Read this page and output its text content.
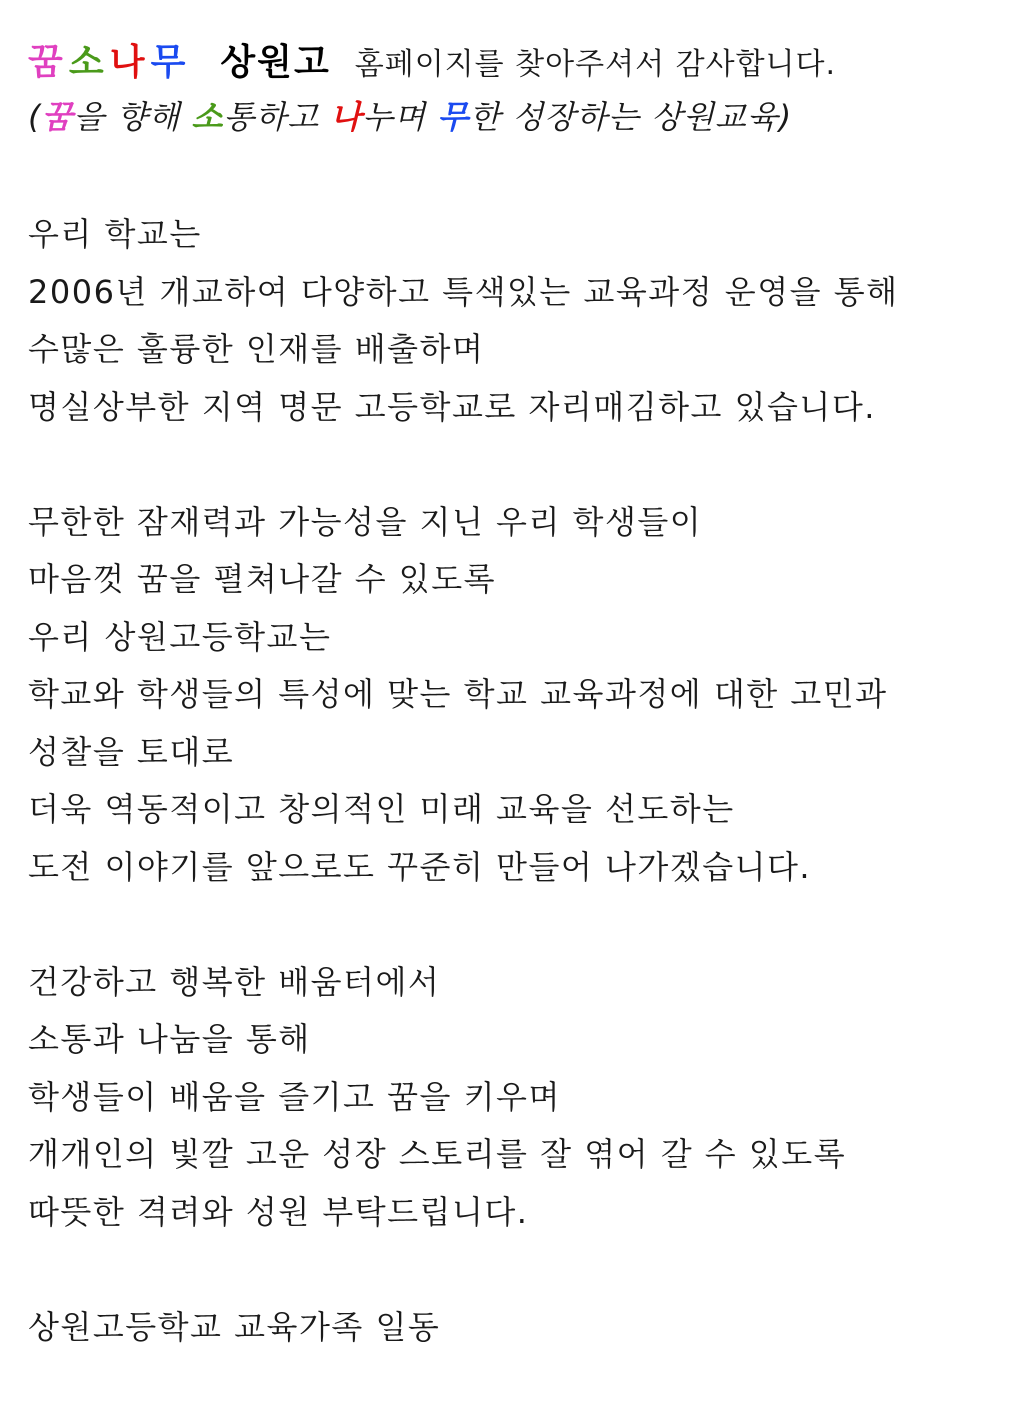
꿈 소 나 무 상원고 홈페이지를 찾아주셔서 감사합니다.
(꿈을 향해 소통하고 나누며 무한 성장하는 상원교육)
우리 학교는
2006년 개교하여 다양하고 특색있는 교육과정 운영을 통해
수많은 훌륭한 인재를 배출하며
명실상부한 지역 명문 고등학교로 자리매김하고 있습니다.
무한한 잠재력과 가능성을 지닌 우리 학생들이
마음껏 꿈을 펼쳐나갈 수 있도록
우리 상원고등학교는
학교와 학생들의 특성에 맞는 학교 교육과정에 대한 고민과
성찰을 토대로
더욱 역동적이고 창의적인 미래 교육을 선도하는
도전 이야기를 앞으로도 꾸준히 만들어 나가겠습니다.
건강하고 행복한 배움터에서
소통과 나눔을 통해
학생들이 배움을 즐기고 꿈을 키우며
개개인의 빛깔 고운 성장 스토리를 잘 엮어 갈 수 있도록
따뜻한 격려와 성원 부탁드립니다.
상원고등학교 교육가족 일동
